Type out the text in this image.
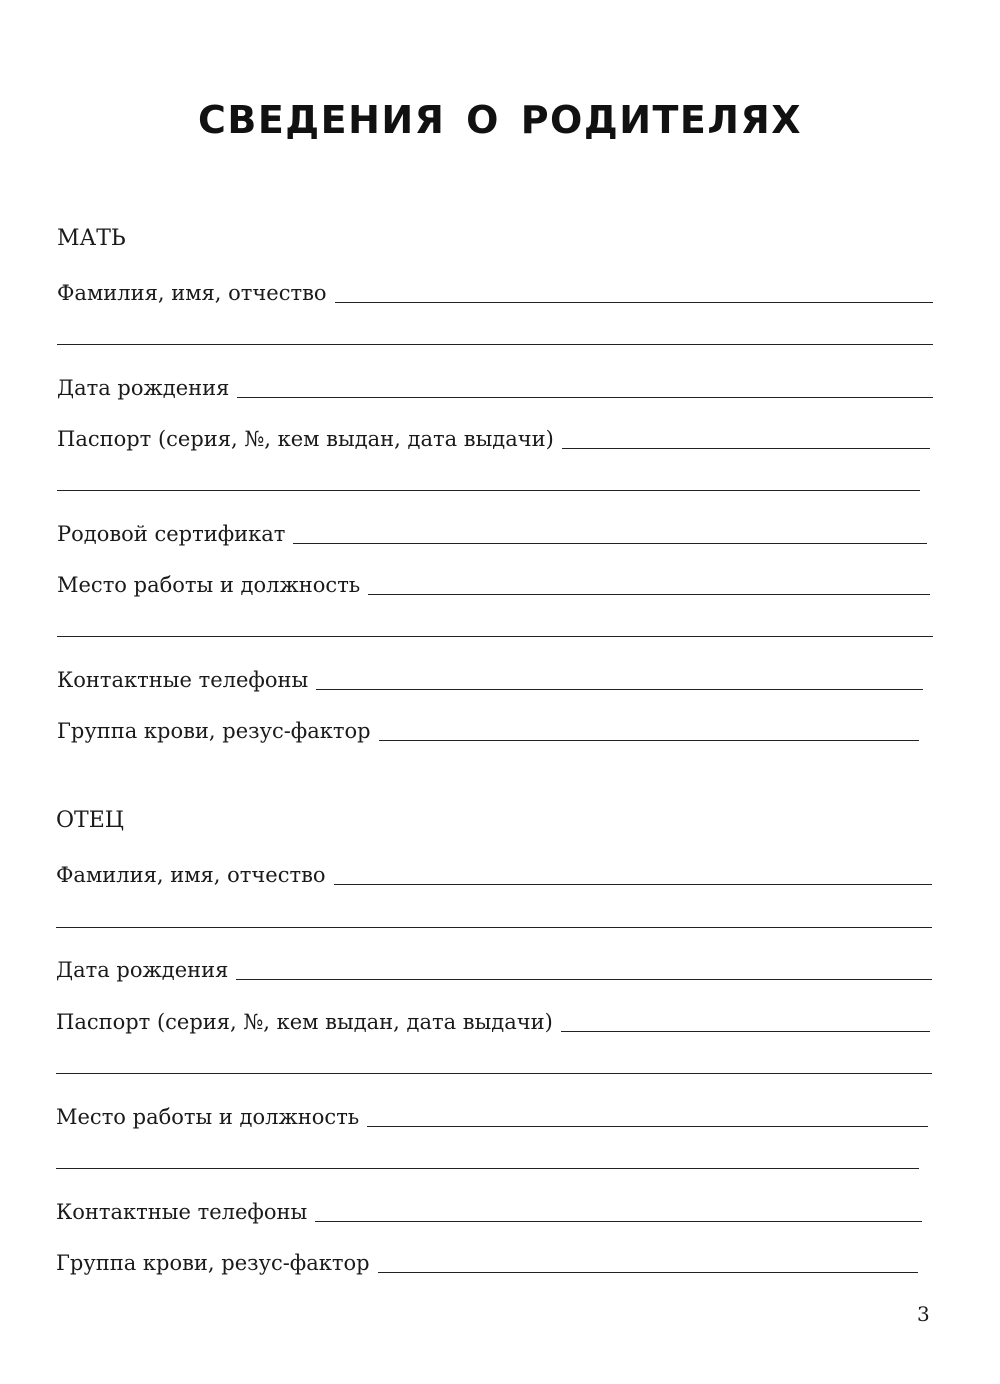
СВЕДЕНИЯ О РОДИТЕЛЯХ
МАТЬ
Фамилия, имя, отчество
Дата рождения
Паспорт (серия, №, кем выдан, дата выдачи)
Родовой сертификат
Место работы и должность
Контактные телефоны
Группа крови, резус-фактор
ОТЕЦ
Фамилия, имя, отчество
Дата рождения
Паспорт (серия, №, кем выдан, дата выдачи)
Место работы и должность
Контактные телефоны
Группа крови, резус-фактор
3
